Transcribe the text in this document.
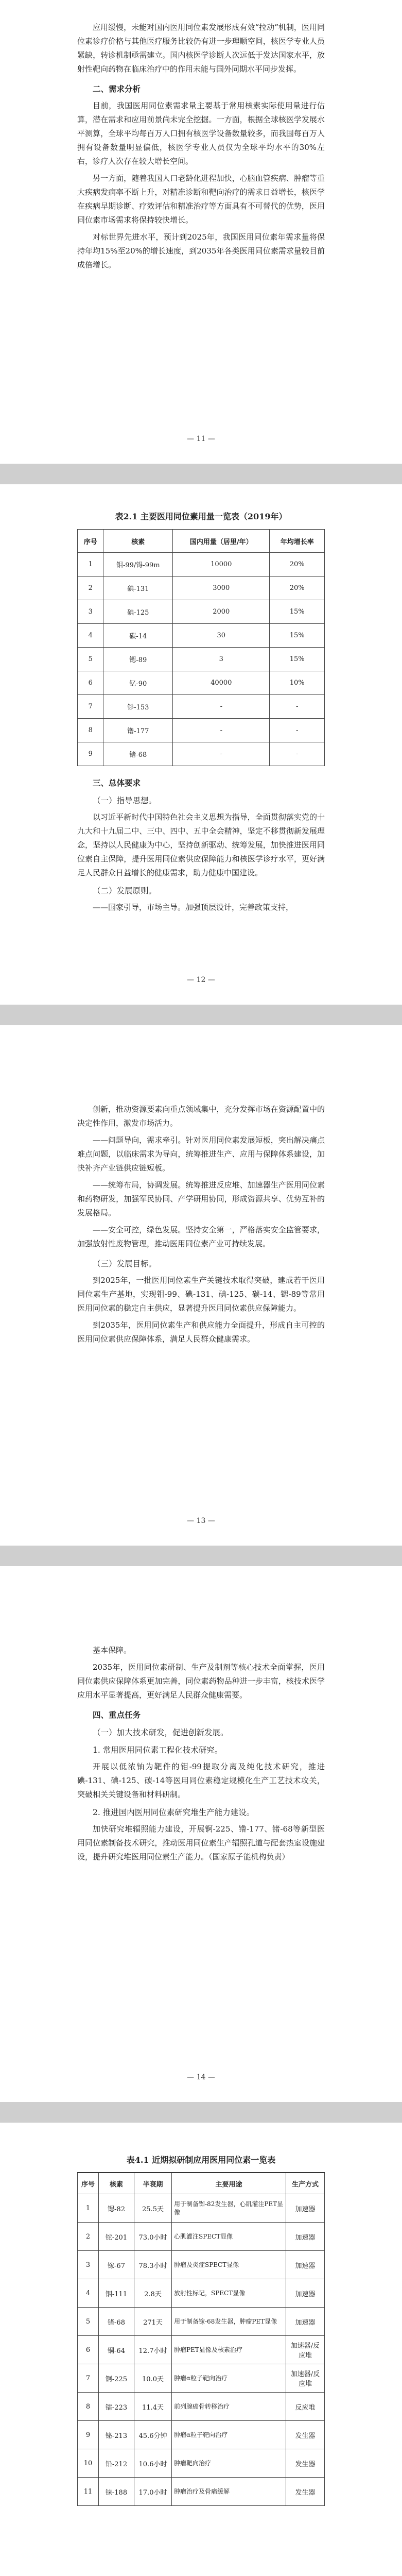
应用缓慢，未能对国内医用同位素发展形成有效“拉动”机制，医用同位素诊疗价格与其他医疗服务比较仍有进一步理顺空间，核医学专业人员紧缺，转诊机制亟需建立。国内核医学诊断人次远低于发达国家水平，放射性靶向药物在临床治疗中的作用未能与国外同期水平同步发挥。

二、需求分析

目前，我国医用同位素需求量主要基于常用核素实际使用量进行估算，潜在需求和应用前景尚未完全挖掘。一方面，根据全球核医学发展水平测算，全球平均每百万人口拥有核医学设备数量较多，而我国每百万人拥有设备数量明显偏低，核医学专业人员仅为全球平均水平的30%左右，诊疗人次存在较大增长空间。

另一方面，随着我国人口老龄化进程加快，心脑血管疾病、肿瘤等重大疾病发病率不断上升，对精准诊断和靶向治疗的需求日益增长，核医学在疾病早期诊断、疗效评估和精准治疗等方面具有不可替代的优势，医用同位素市场需求将保持较快增长。

对标世界先进水平，预计到2025年，我国医用同位素年需求量将保持年均15%至20%的增长速度，到2035年各类医用同位素需求量较目前成倍增长。

— 11 —
表2.1 主要医用同位素用量一览表（2019年）
序号	核素	国内用量（居里/年）	年均增长率
1	钼-99/锝-99m	10000	20%
2	碘-131	3000	20%
3	碘-125	2000	15%
4	碳-14	30	15%
5	锶-89	3	15%
6	钇-90	40000	10%
7	钐-153	-	-
8	镥-177	-	-
9	锗-68	-	-
三、总体要求
（一）指导思想。

以习近平新时代中国特色社会主义思想为指导，全面贯彻落实党的十九大和十九届二中、三中、四中、五中全会精神，坚定不移贯彻新发展理念，坚持以人民健康为中心，坚持创新驱动、统筹发展，加快推进医用同位素自主保障，提升医用同位素供应保障能力和核医学诊疗水平，更好满足人民群众日益增长的健康需求，助力健康中国建设。

（二）发展原则。

——国家引导，市场主导。加强顶层设计，完善政策支持，

— 12 —

创新，推动资源要素向重点领域集中，充分发挥市场在资源配置中的决定性作用，激发市场活力。

——问题导向，需求牵引。针对医用同位素发展短板，突出解决痛点难点问题，以临床需求为导向，统筹推进生产、应用与保障体系建设，加快补齐产业链供应链短板。

——统筹布局，协调发展。统筹推进反应堆、加速器生产医用同位素和药物研发，加强军民协同、产学研用协同，形成资源共享、优势互补的发展格局。

——安全可控，绿色发展。坚持安全第一，严格落实安全监管要求，加强放射性废物管理，推动医用同位素产业可持续发展。

（三）发展目标。

到2025年，一批医用同位素生产关键技术取得突破，建成若干医用同位素生产基地，实现钼-99、碘-131、碘-125、碳-14、锶-89等常用医用同位素的稳定自主供应，显著提升医用同位素供应保障能力。

到2035年，医用同位素生产和供应能力全面提升，形成自主可控的医用同位素供应保障体系，满足人民群众健康需求。

— 13 —

基本保障。

2035年，医用同位素研制、生产及制剂等核心技术全面掌握，医用同位素供应保障体系更加完善，同位素药物品种进一步丰富，核技术医学应用水平显著提高，更好满足人民群众健康需要。

四、重点任务
（一）加大技术研发，促进创新发展。
1. 常用医用同位素工程化技术研究。

开展以低浓铀为靶件的钼-99提取分离及纯化技术研究，推进碘-131、碘-125、碳-14等医用同位素稳定规模化生产工艺技术攻关，突破相关关键设备和材料研制。

2. 推进国内医用同位素研究堆生产能力建设。

加快研究堆辐照能力建设，开展锕-225、镥-177、锗-68等新型医用同位素制备技术研究，推动医用同位素生产辐照孔道与配套热室设施建设，提升研究堆医用同位素生产能力。（国家原子能机构负责）

— 14 —
表4.1 近期拟研制应用医用同位素一览表
序号	核素	半衰期	主要用途	生产方式
1	锶-82	25.5天	用于制备铷-82发生器，心肌灌注PET显像	加速器
2	铊-201	73.0小时	心肌灌注SPECT显像	加速器
3	镓-67	78.3小时	肿瘤及炎症SPECT显像	加速器
4	铟-111	2.8天	放射性标记，SPECT显像	加速器
5	锗-68	271天	用于制备镓-68发生器，肿瘤PET显像	加速器
6	铜-64	12.7小时	肿瘤PET显像及核素治疗	加速器/反应堆
7	锕-225	10.0天	肿瘤α粒子靶向治疗	加速器/反应堆
8	镭-223	11.4天	前列腺癌骨转移治疗	反应堆
9	铋-213	45.6分钟	肿瘤α粒子靶向治疗	发生器
10	铅-212	10.6小时	肿瘤靶向治疗	发生器
11	铼-188	17.0小时	肿瘤治疗及骨痛缓解	发生器
